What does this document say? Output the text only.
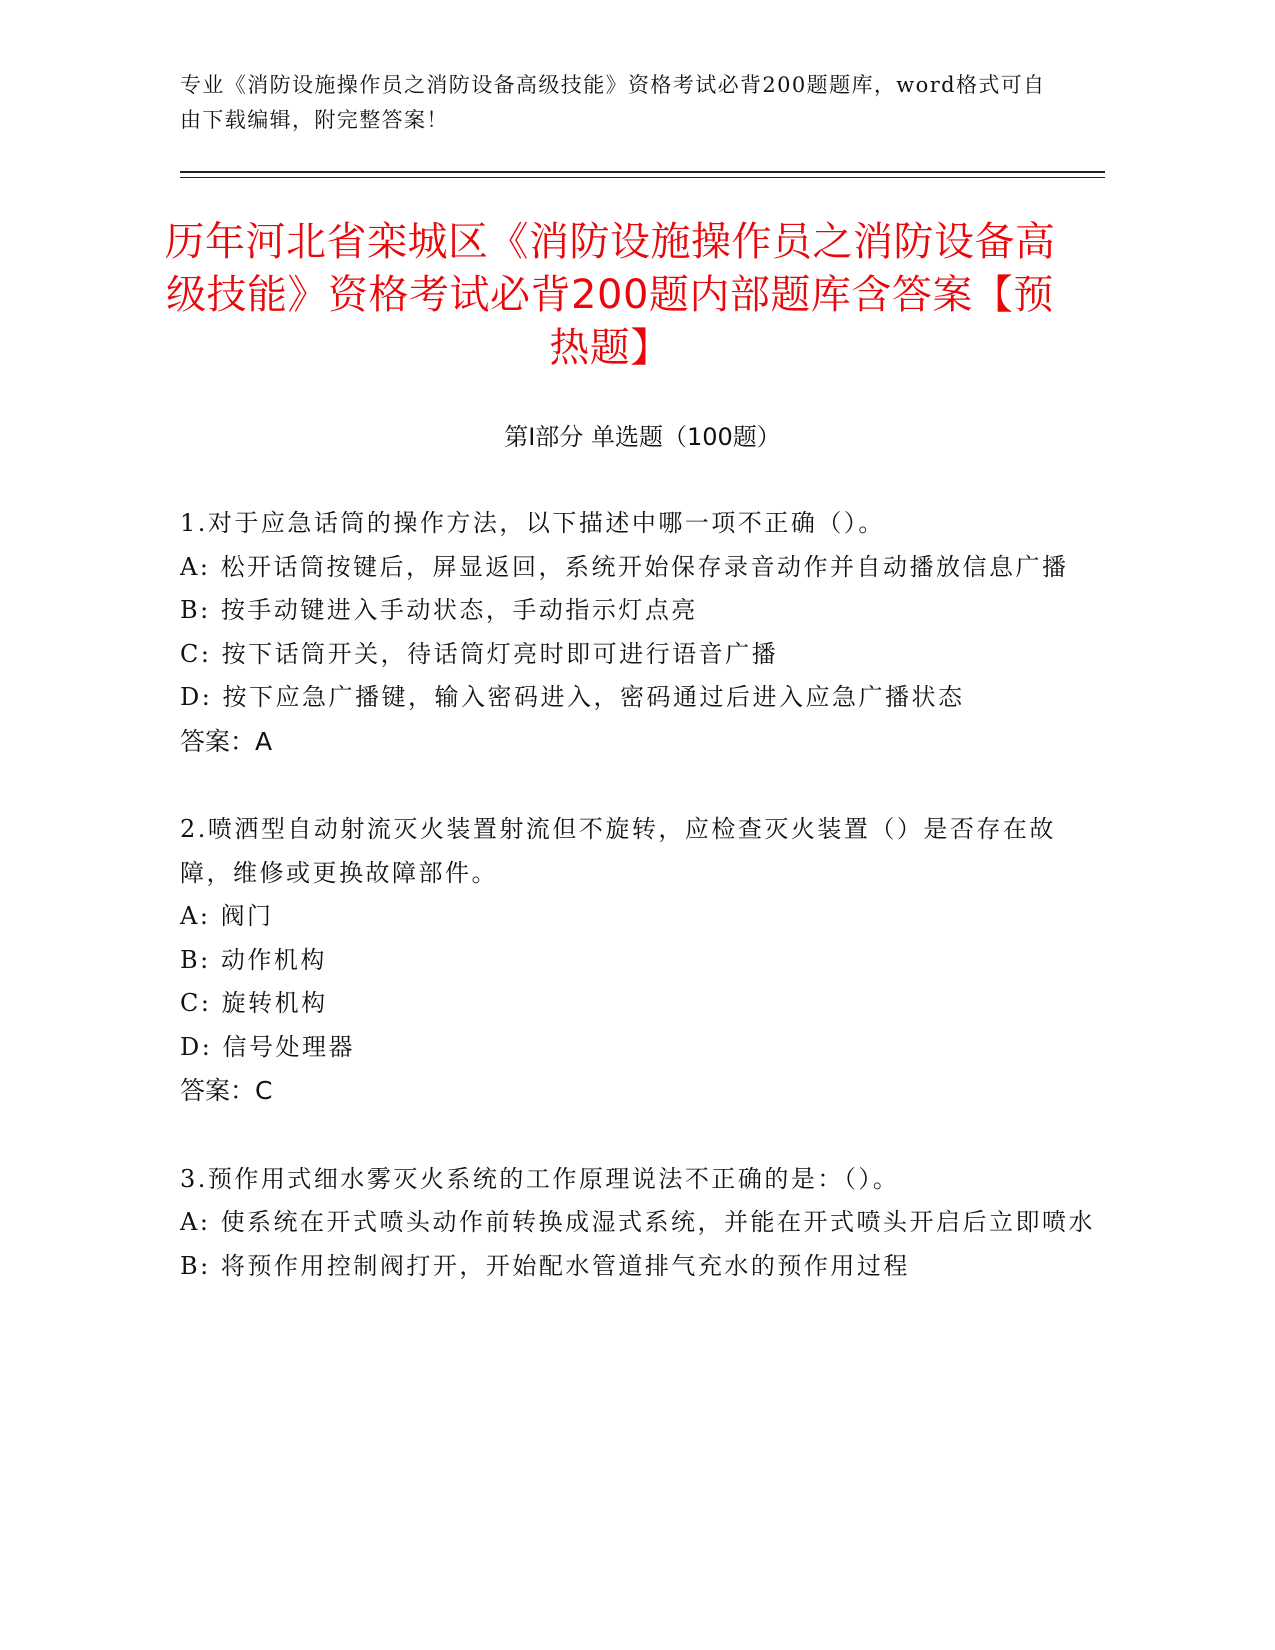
专业《消防设施操作员之消防设备高级技能》资格考试必背200题题库，word格式可自由下载编辑，附完整答案！

历年河北省栾城区《消防设施操作员之消防设备高级技能》资格考试必背200题内部题库含答案【预热题】
第I部分 单选题（100题）

1.对于应急话筒的操作方法，以下描述中哪一项不正确（）。

A: 松开话筒按键后，屏显返回，系统开始保存录音动作并自动播放信息广播

B: 按手动键进入手动状态，手动指示灯点亮

C: 按下话筒开关，待话筒灯亮时即可进行语音广播

D: 按下应急广播键，输入密码进入，密码通过后进入应急广播状态

答案：A

2.喷洒型自动射流灭火装置射流但不旋转，应检查灭火装置（）是否存在故障，维修或更换故障部件。

A: 阀门

B: 动作机构

C: 旋转机构

D: 信号处理器

答案：C

3.预作用式细水雾灭火系统的工作原理说法不正确的是：（）。

A: 使系统在开式喷头动作前转换成湿式系统，并能在开式喷头开启后立即喷水

B: 将预作用控制阀打开，开始配水管道排气充水的预作用过程
